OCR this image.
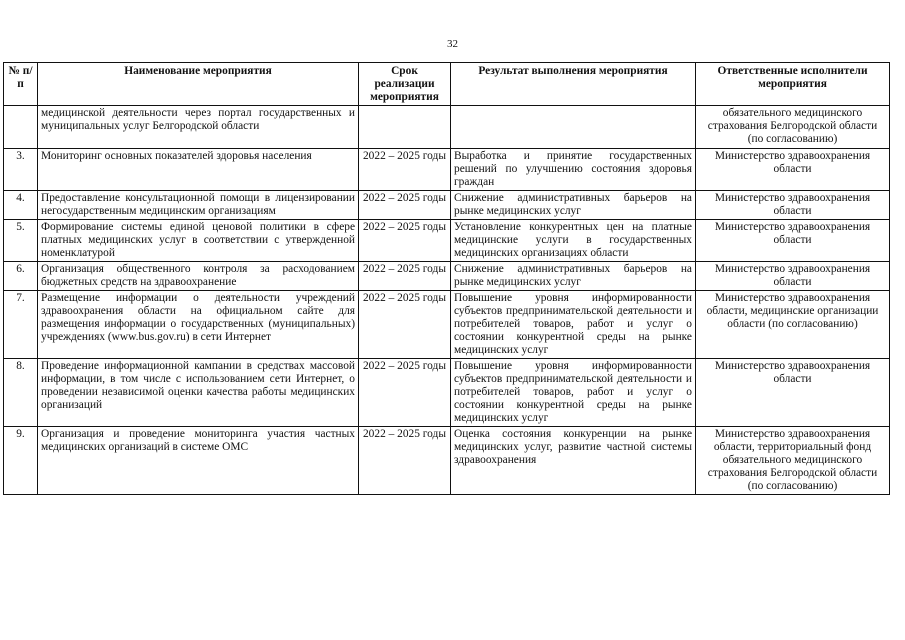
32
№ п/п	Наименование мероприятия	Срок реализации мероприятия	Результат выполнения мероприятия	Ответственные исполнители мероприятия
	медицинской деятельности через портал государственных и муниципальных услуг Белгородской области			обязательного медицинского страхования Белгородской области (по согласованию)
3.	Мониторинг основных показателей здоровья населения	2022 – 2025 годы	Выработка и принятие государственных решений по улучшению состояния здоровья граждан	Министерство здравоохранения области
4.	Предоставление консультационной помощи в лицензировании негосударственным медицинским организациям	2022 – 2025 годы	Снижение административных барьеров на рынке медицинских услуг	Министерство здравоохранения области
5.	Формирование системы единой ценовой политики в сфере платных медицинских услуг в соответствии с утвержденной номенклатурой	2022 – 2025 годы	Установление конкурентных цен на платные медицинские услуги в государственных медицинских организациях области	Министерство здравоохранения области
6.	Организация общественного контроля за расходованием бюджетных средств на здравоохранение	2022 – 2025 годы	Снижение административных барьеров на рынке медицинских услуг	Министерство здравоохранения области
7.	Размещение информации о деятельности учреждений здравоохранения области на официальном сайте для размещения информации о государственных (муниципальных) учреждениях (www.bus.gov.ru) в сети Интернет	2022 – 2025 годы	Повышение уровня информированности субъектов предпринимательской деятельности и потребителей товаров, работ и услуг о состоянии конкурентной среды на рынке медицинских услуг	Министерство здравоохранения области, медицинские организации области (по согласованию)
8.	Проведение информационной кампании в средствах массовой информации, в том числе с использованием сети Интернет, о проведении независимой оценки качества работы медицинских организаций	2022 – 2025 годы	Повышение уровня информированности субъектов предпринимательской деятельности и потребителей товаров, работ и услуг о состоянии конкурентной среды на рынке медицинских услуг	Министерство здравоохранения области
9.	Организация и проведение мониторинга участия частных медицинских организаций в системе ОМС	2022 – 2025 годы	Оценка состояния конкуренции на рынке медицинских услуг, развитие частной системы здравоохранения	Министерство здравоохранения области, территориальный фонд обязательного медицинского страхования Белгородской области (по согласованию)
